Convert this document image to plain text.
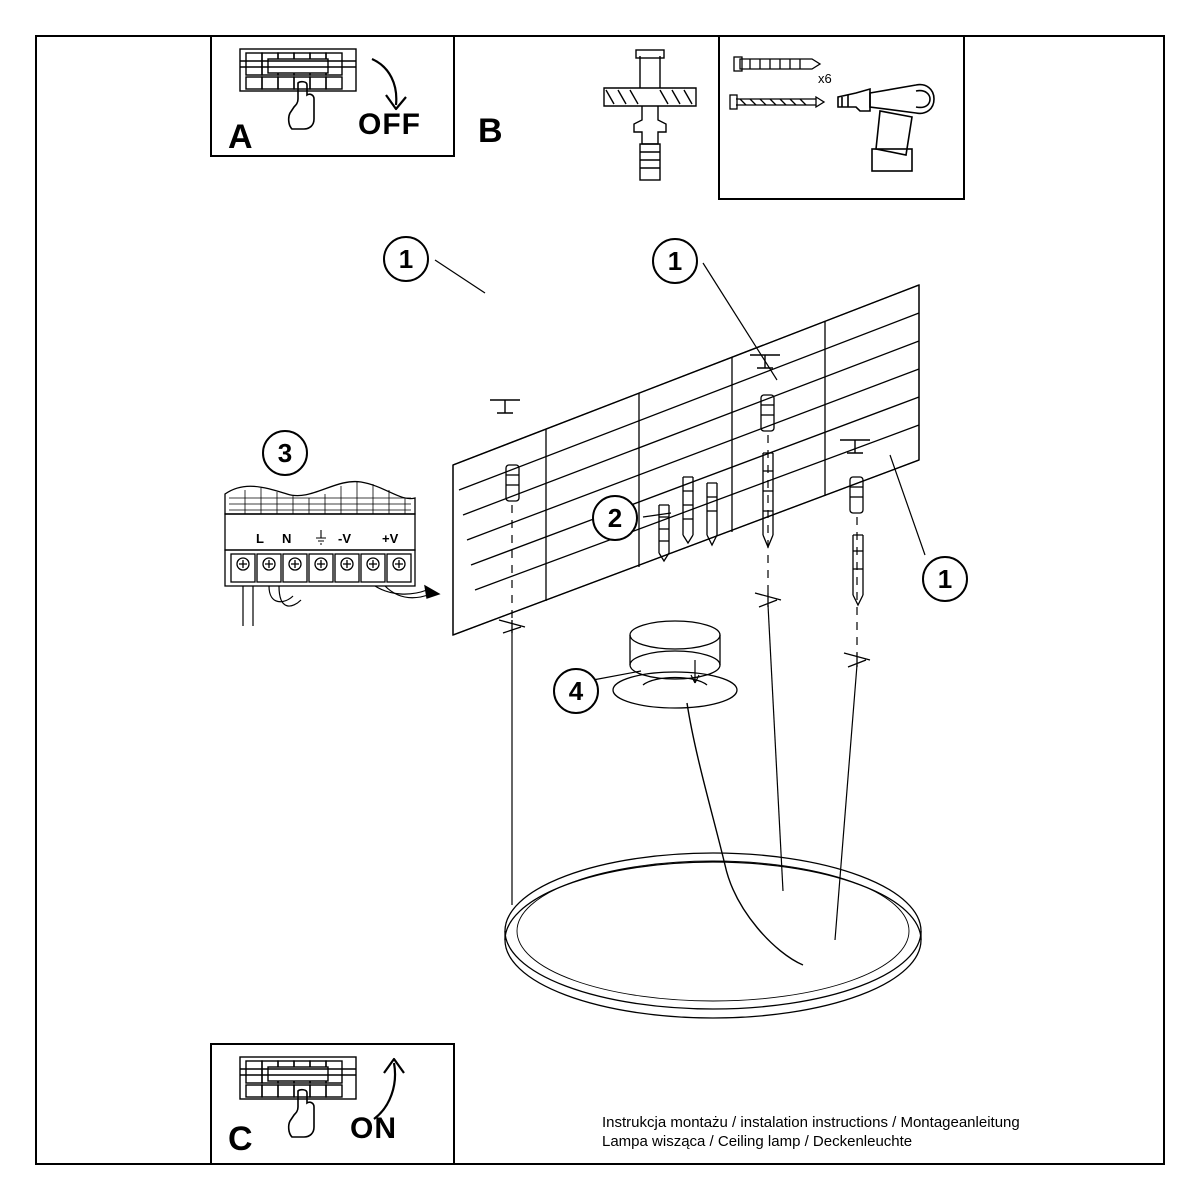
A	OFF
x6
B
1	1
1
2
3
4
L N	-V +V
C	ON	Instrukcja montażu / instalation instructions / Montageanleitung
Lampa wisząca / Ceiling lamp / Deckenleuchte
